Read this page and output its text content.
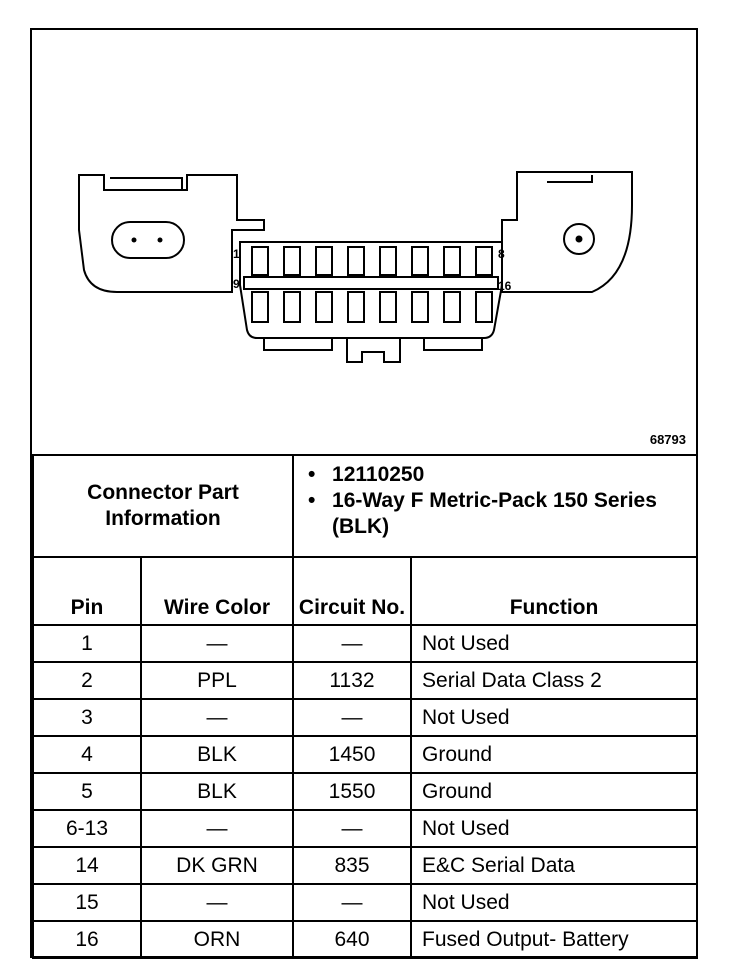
1	8
9	16
68793
Connector Part Information		• 12110250
• 16-Way F Metric-Pack 150 Series (BLK)

Pin	Wire Color	Circuit No.	Function
1	—	—	Not Used
2	PPL	1132	Serial Data Class 2
3	—	—	Not Used
4	BLK	1450	Ground
5	BLK	1550	Ground
6-13	—	—	Not Used
14	DK GRN	835	E&C Serial Data
15	—	—	Not Used
16	ORN	640	Fused Output- Battery
